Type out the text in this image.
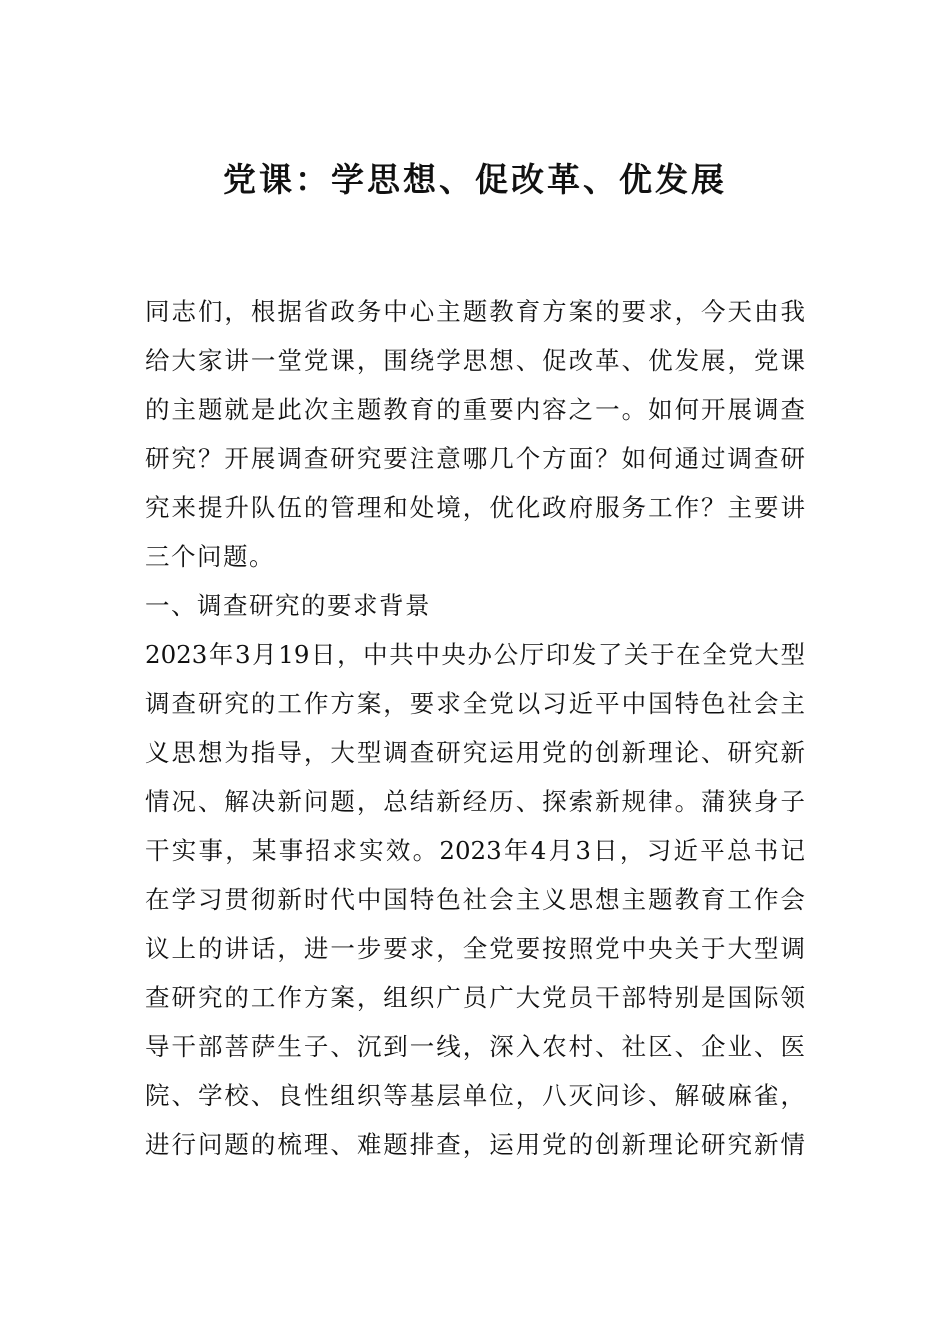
党课：学思想、促改革、优发展
同志们，根据省政务中心主题教育方案的要求，今天由我
给大家讲一堂党课，围绕学思想、促改革、优发展，党课
的主题就是此次主题教育的重要内容之一。如何开展调查
研究？开展调查研究要注意哪几个方面？如何通过调查研
究来提升队伍的管理和处境，优化政府服务工作？主要讲
三个问题。
一、调查研究的要求背景
2023年3月19日，中共中央办公厅印发了关于在全党大型
调查研究的工作方案，要求全党以习近平中国特色社会主
义思想为指导，大型调查研究运用党的创新理论、研究新
情况、解决新问题，总结新经历、探索新规律。蒲狭身子
干实事，某事招求实效。2023年4月3日，习近平总书记
在学习贯彻新时代中国特色社会主义思想主题教育工作会
议上的讲话，进一步要求，全党要按照党中央关于大型调
查研究的工作方案，组织广员广大党员干部特别是国际领
导干部菩萨生子、沉到一线，深入农村、社区、企业、医
院、学校、良性组织等基层单位，八灭问诊、解破麻雀，
进行问题的梳理、难题排查，运用党的创新理论研究新情
